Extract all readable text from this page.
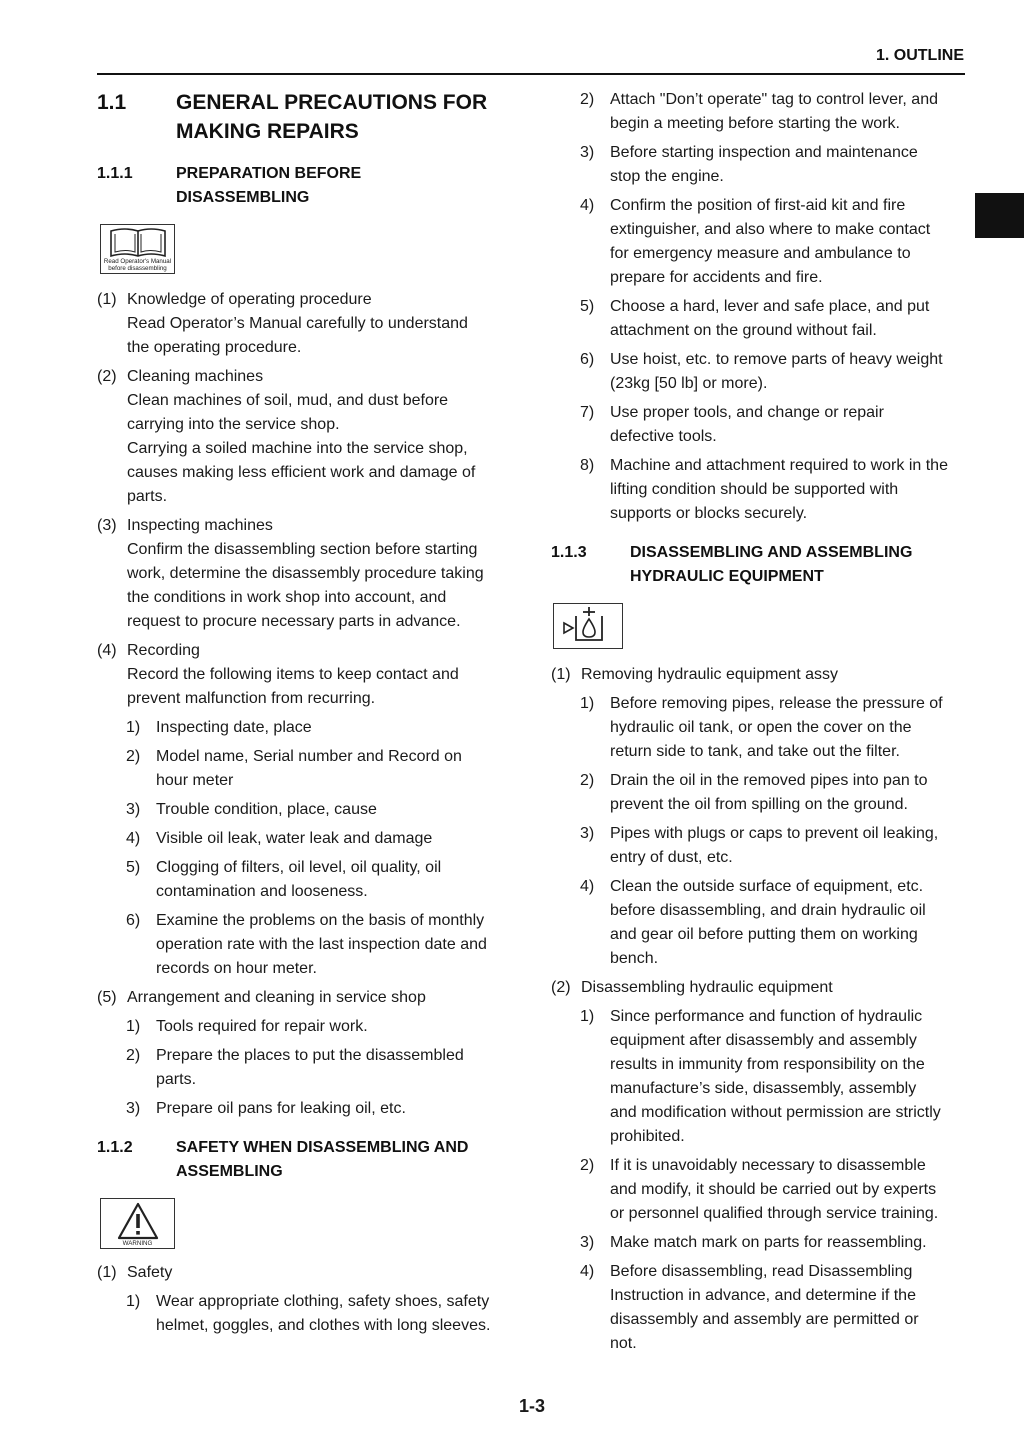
1. OUTLINE
1.1	GENERAL PRECAUTIONS FOR
MAKING REPAIRS
1.1.1	PREPARATION BEFORE
DISASSEMBLING
Read Operator's Manual
before disassembling
(1) Knowledge of operating procedure
Read Operator’s Manual carefully to understand
the operating procedure.
(2) Cleaning machines
Clean machines of soil, mud, and dust before
carrying into the service shop.
Carrying a soiled machine into the service shop,
causes making less efficient work and damage of
parts.
(3) Inspecting machines
Confirm the disassembling section before starting
work, determine the disassembly procedure taking
the conditions in work shop into account, and
request to procure necessary parts in advance.
(4) Recording
Record the following items to keep contact and
prevent malfunction from recurring.
1) Inspecting date, place
2) Model name, Serial number and Record on
hour meter
3) Trouble condition, place, cause
4) Visible oil leak, water leak and damage
5) Clogging of filters, oil level, oil quality, oil
contamination and looseness.
6) Examine the problems on the basis of monthly
operation rate with the last inspection date and
records on hour meter.
(5) Arrangement and cleaning in service shop
1) Tools required for repair work.
2) Prepare the places to put the disassembled
parts.
3) Prepare oil pans for leaking oil, etc.
1.1.2	SAFETY WHEN DISASSEMBLING AND
ASSEMBLING
WARNING
(1) Safety
1) Wear appropriate clothing, safety shoes, safety
helmet, goggles, and clothes with long sleeves.
2) Attach "Don’t operate" tag to control lever, and
begin a meeting before starting the work.
3) Before starting inspection and maintenance
stop the engine.
4) Confirm the position of first-aid kit and fire
extinguisher, and also where to make contact
for emergency measure and ambulance to
prepare for accidents and fire.
5) Choose a hard, lever and safe place, and put
attachment on the ground without fail.
6) Use hoist, etc. to remove parts of heavy weight
(23kg [50 lb] or more).
7) Use proper tools, and change or repair
defective tools.
8) Machine and attachment required to work in the
lifting condition should be supported with
supports or blocks securely.
1.1.3	DISASSEMBLING AND ASSEMBLING
HYDRAULIC EQUIPMENT
(1) Removing hydraulic equipment assy
1) Before removing pipes, release the pressure of
hydraulic oil tank, or open the cover on the
return side to tank, and take out the filter.
2) Drain the oil in the removed pipes into pan to
prevent the oil from spilling on the ground.
3) Pipes with plugs or caps to prevent oil leaking,
entry of dust, etc.
4) Clean the outside surface of equipment, etc.
before disassembling, and drain hydraulic oil
and gear oil before putting them on working
bench.
(2) Disassembling hydraulic equipment
1) Since performance and function of hydraulic
equipment after disassembly and assembly
results in immunity from responsibility on the
manufacture’s side, disassembly, assembly
and modification without permission are strictly
prohibited.
2) If it is unavoidably necessary to disassemble
and modify, it should be carried out by experts
or personnel qualified through service training.
3) Make match mark on parts for reassembling.
4) Before disassembling, read Disassembling
Instruction in advance, and determine if the
disassembly and assembly are permitted or
not.
1-3
